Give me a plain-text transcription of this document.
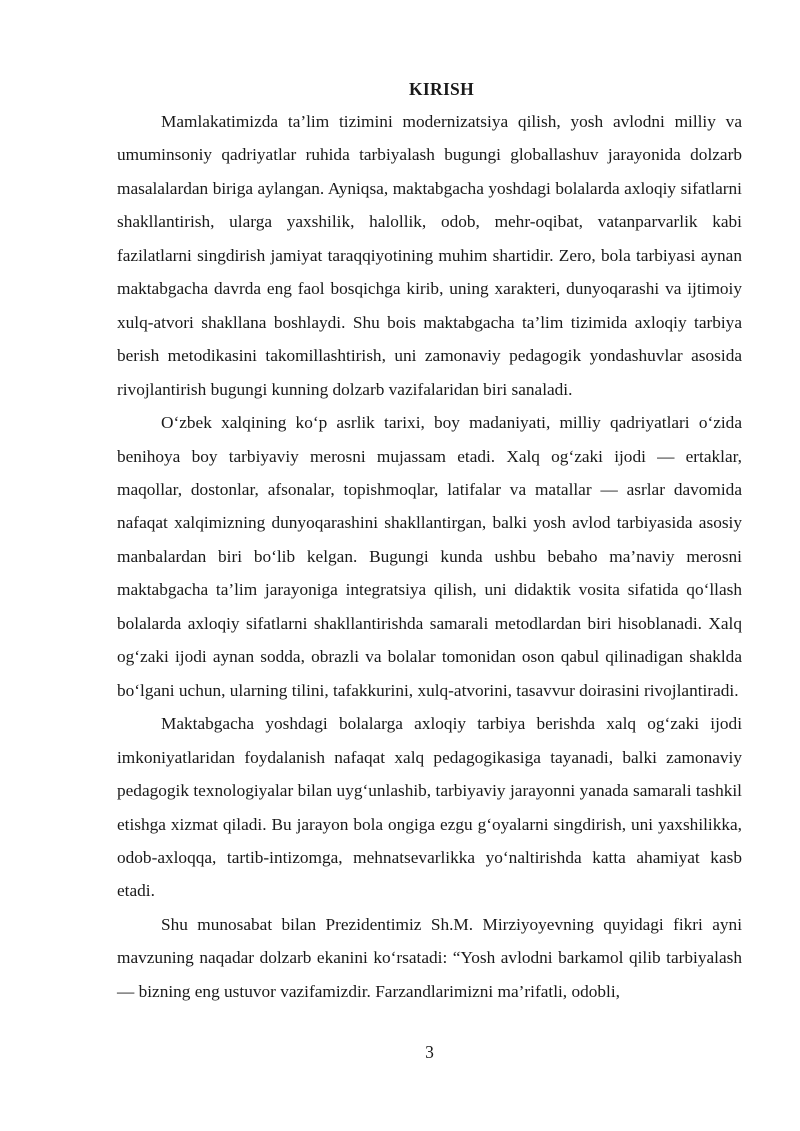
KIRISH

Mamlakatimizda ta’lim tizimini modernizatsiya qilish, yosh avlodni milliy va umuminsoniy qadriyatlar ruhida tarbiyalash bugungi globallashuv jarayonida dolzarb masalalardan biriga aylangan. Ayniqsa, maktabgacha yoshdagi bolalarda axloqiy sifatlarni shakllantirish, ularga yaxshilik, halollik, odob, mehr-oqibat, vatanparvarlik kabi fazilatlarni singdirish jamiyat taraqqiyotining muhim shartidir. Zero, bola tarbiyasi aynan maktabgacha davrda eng faol bosqichga kirib, uning xarakteri, dunyoqarashi va ijtimoiy xulq-atvori shakllana boshlaydi. Shu bois maktabgacha ta’lim tizimida axloqiy tarbiya berish metodikasini takomillashtirish, uni zamonaviy pedagogik yondashuvlar asosida rivojlantirish bugungi kunning dolzarb vazifalaridan biri sanaladi.

O‘zbek xalqining ko‘p asrlik tarixi, boy madaniyati, milliy qadriyatlari o‘zida benihoya boy tarbiyaviy merosni mujassam etadi. Xalq og‘zaki ijodi — ertaklar, maqollar, dostonlar, afsonalar, topishmoqlar, latifalar va matallar — asrlar davomida nafaqat xalqimizning dunyoqarashini shakllantirgan, balki yosh avlod tarbiyasida asosiy manbalardan biri bo‘lib kelgan. Bugungi kunda ushbu bebaho ma’naviy merosni maktabgacha ta’lim jarayoniga integratsiya qilish, uni didaktik vosita sifatida qo‘llash bolalarda axloqiy sifatlarni shakllantirishda samarali metodlardan biri hisoblanadi. Xalq og‘zaki ijodi aynan sodda, obrazli va bolalar tomonidan oson qabul qilinadigan shaklda bo‘lgani uchun, ularning tilini, tafakkurini, xulq-atvorini, tasavvur doirasini rivojlantiradi.

Maktabgacha yoshdagi bolalarga axloqiy tarbiya berishda xalq og‘zaki ijodi imkoniyatlaridan foydalanish nafaqat xalq pedagogikasiga tayanadi, balki zamonaviy pedagogik texnologiyalar bilan uyg‘unlashib, tarbiyaviy jarayonni yanada samarali tashkil etishga xizmat qiladi. Bu jarayon bola ongiga ezgu g‘oyalarni singdirish, uni yaxshilikka, odob-axloqqa, tartib-intizomga, mehnatsevarlikka yo‘naltirishda katta ahamiyat kasb etadi.

Shu munosabat bilan Prezidentimiz Sh.M. Mirziyoyevning quyidagi fikri ayni mavzuning naqadar dolzarb ekanini ko‘rsatadi: “Yosh avlodni barkamol qilib tarbiyalash — bizning eng ustuvor vazifamizdir. Farzandlarimizni ma’rifatli, odobli,

3
